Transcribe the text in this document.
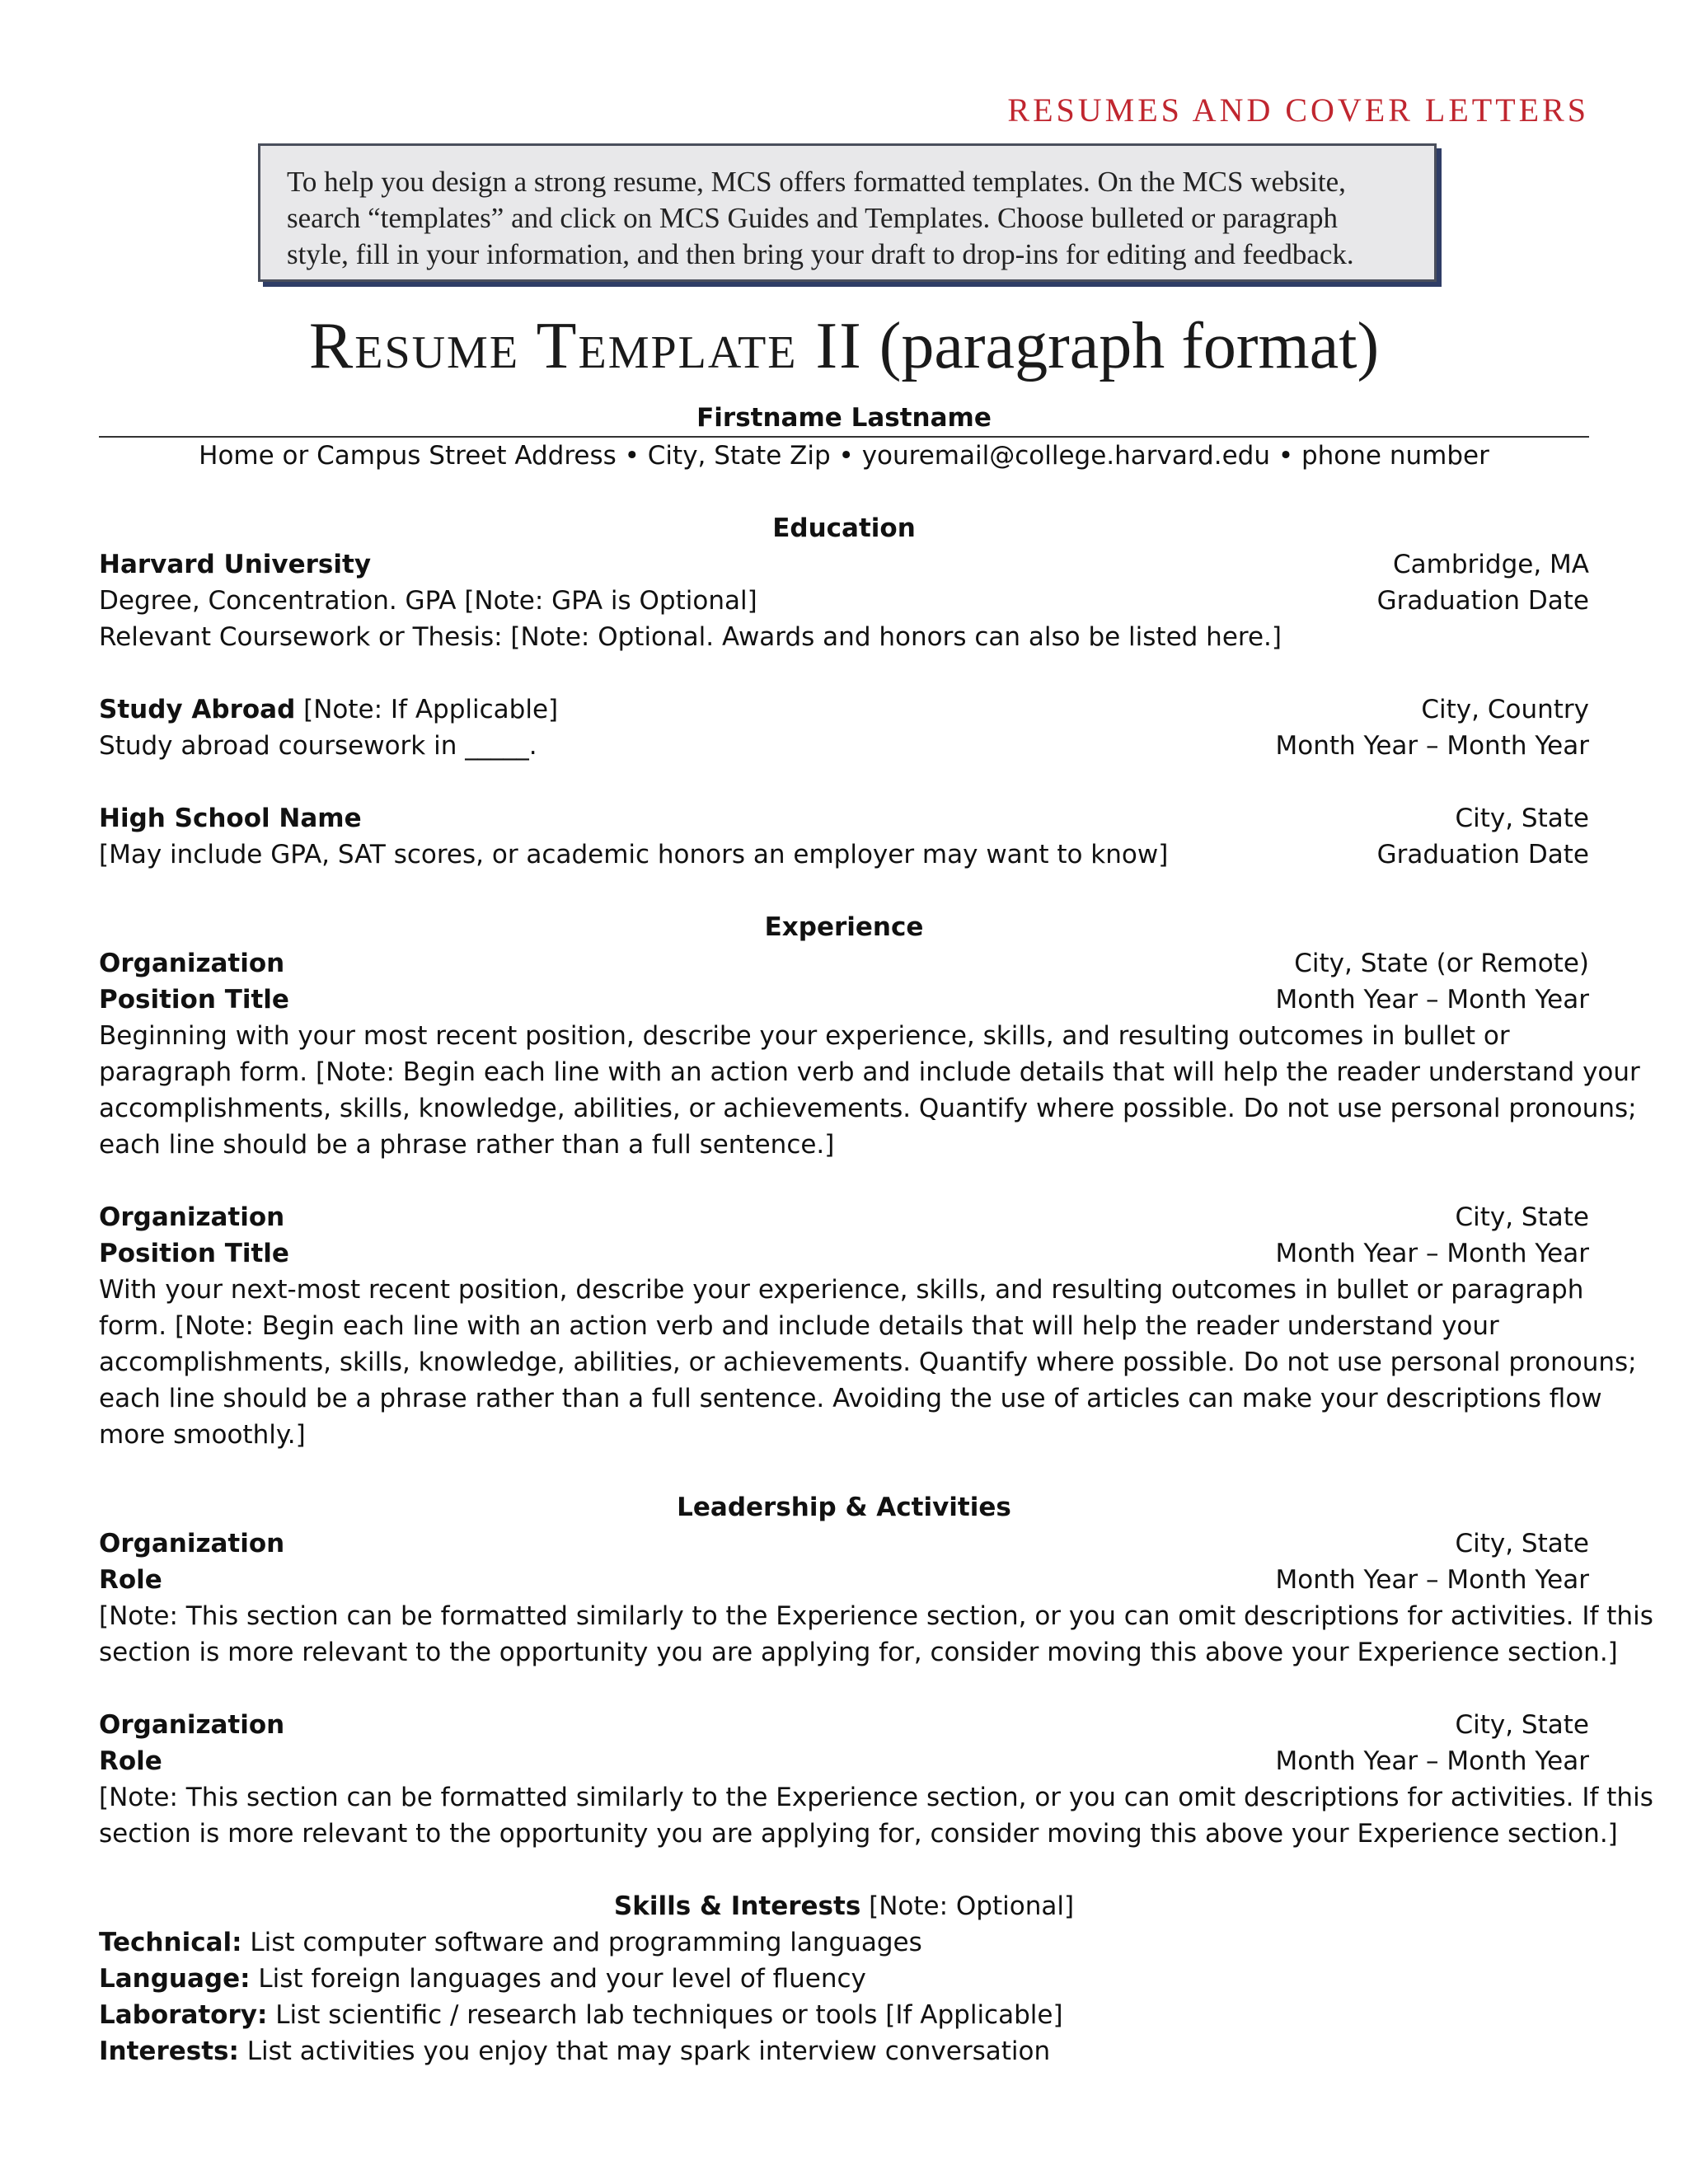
RESUMES AND COVER LETTERS
To help you design a strong resume, MCS offers formatted templates. On the MCS website,
search “templates” and click on MCS Guides and Templates. Choose bulleted or paragraph
style, fill in your information, and then bring your draft to drop-ins for editing and feedback.
Resume Template II (paragraph format)
Firstname Lastname
Home or Campus Street Address • City, State Zip • youremail@college.harvard.edu • phone number
Education
Harvard University	Cambridge, MA
Degree, Concentration. GPA [Note: GPA is Optional]	Graduation Date
Relevant Coursework or Thesis: [Note: Optional. Awards and honors can also be listed here.]
Study Abroad [Note: If Applicable]	City, Country
Study abroad coursework in _____.	Month Year – Month Year
High School Name	City, State
[May include GPA, SAT scores, or academic honors an employer may want to know]	Graduation Date
Experience
Organization	City, State (or Remote)
Position Title	Month Year – Month Year
Beginning with your most recent position, describe your experience, skills, and resulting outcomes in bullet or
paragraph form. [Note: Begin each line with an action verb and include details that will help the reader understand your
accomplishments, skills, knowledge, abilities, or achievements. Quantify where possible. Do not use personal pronouns;
each line should be a phrase rather than a full sentence.]
Organization	City, State
Position Title	Month Year – Month Year
With your next-most recent position, describe your experience, skills, and resulting outcomes in bullet or paragraph
form. [Note: Begin each line with an action verb and include details that will help the reader understand your
accomplishments, skills, knowledge, abilities, or achievements. Quantify where possible. Do not use personal pronouns;
each line should be a phrase rather than a full sentence. Avoiding the use of articles can make your descriptions flow
more smoothly.]
Leadership & Activities
Organization	City, State
Role	Month Year – Month Year
[Note: This section can be formatted similarly to the Experience section, or you can omit descriptions for activities. If this
section is more relevant to the opportunity you are applying for, consider moving this above your Experience section.]
Organization	City, State
Role	Month Year – Month Year
[Note: This section can be formatted similarly to the Experience section, or you can omit descriptions for activities. If this
section is more relevant to the opportunity you are applying for, consider moving this above your Experience section.]
Skills & Interests [Note: Optional]
Technical: List computer software and programming languages
Language: List foreign languages and your level of fluency
Laboratory: List scientific / research lab techniques or tools [If Applicable]
Interests: List activities you enjoy that may spark interview conversation
